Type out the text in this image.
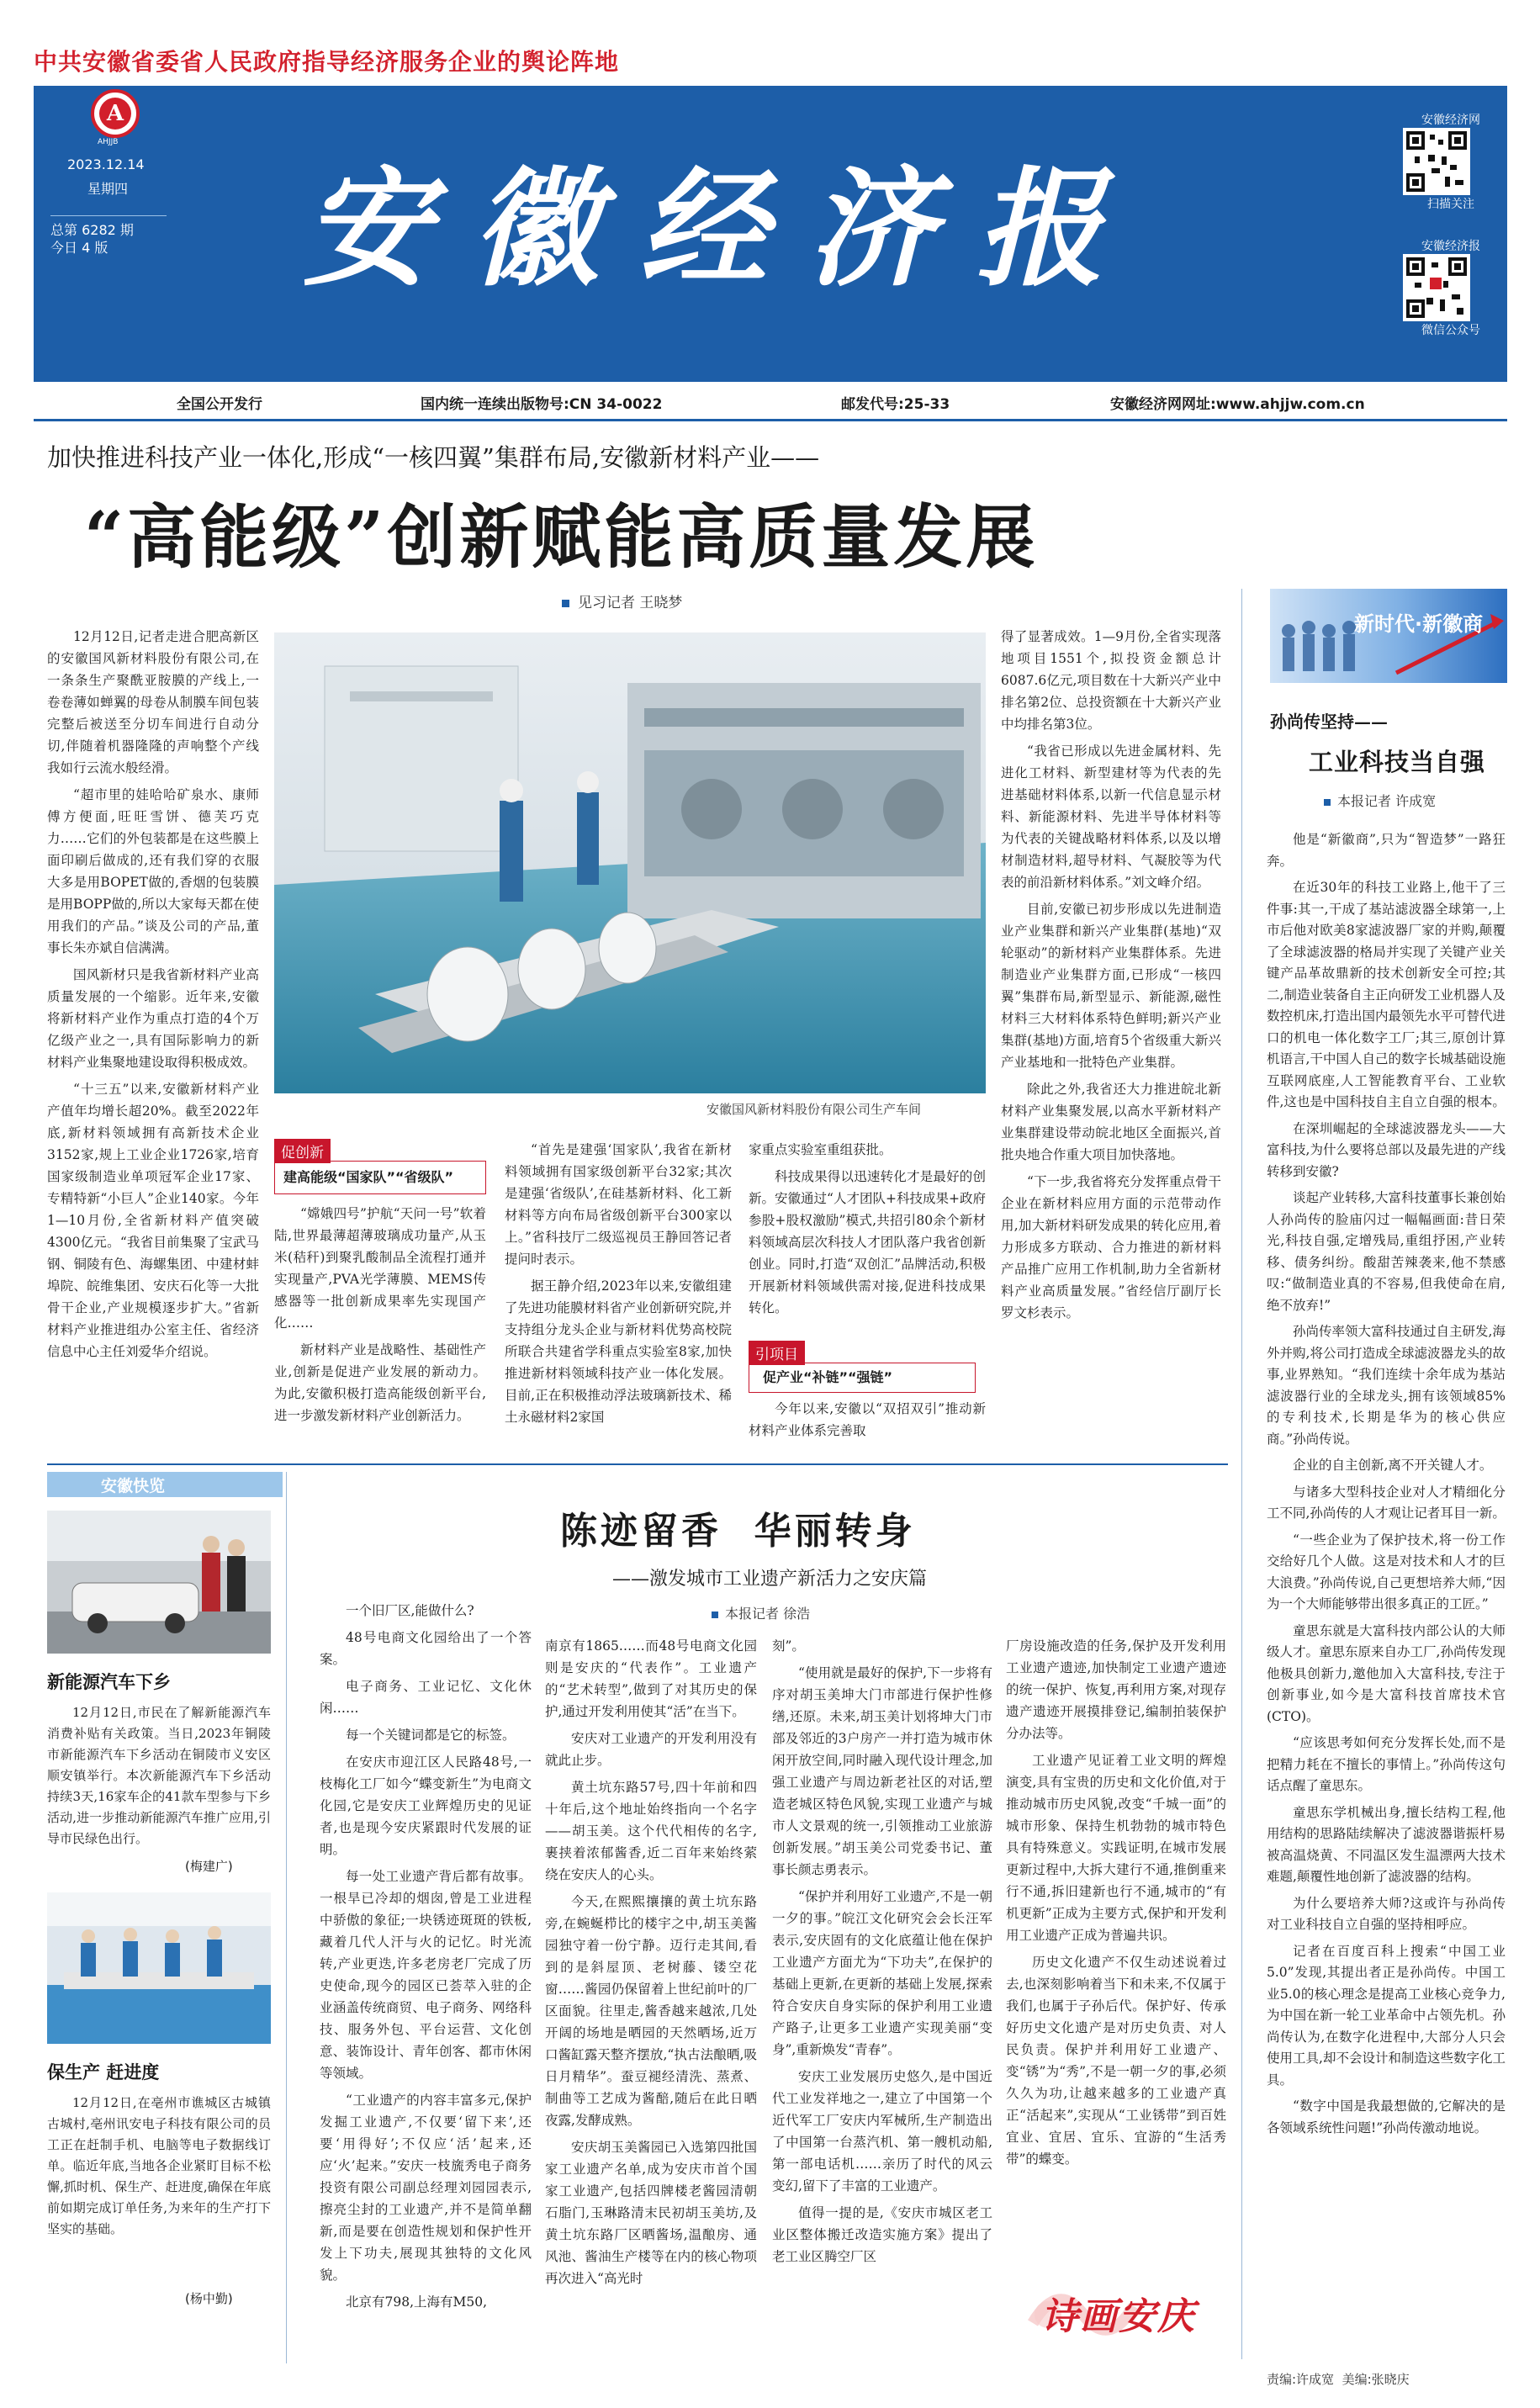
中共安徽省委省人民政府指导经济服务企业的舆论阵地
A
AHJJB
2023.12.14
星期四
总第 6282 期
今日 4 版 安徽经济报
安徽经济网
扫描关注
安徽经济报
微信公众号
全国公开发行	国内统一连续出版物号:CN 34-0022	邮发代号:25-33	安徽经济网网址:www.ahjjw.com.cn
加快推进科技产业一体化,形成“一核四翼”集群布局,安徽新材料产业——
“高能级”创新赋能高质量发展
见习记者 王晓梦

12月12日,记者走进合肥高新区的安徽国风新材料股份有限公司,在一条条生产聚酰亚胺膜的产线上,一卷卷薄如蝉翼的母卷从制膜车间包装完整后被送至分切车间进行自动分切,伴随着机器隆隆的声响整个产线我如行云流水般经滑。

“超市里的娃哈哈矿泉水、康师傅方便面,旺旺雪饼、德芙巧克力……它们的外包装都是在这些膜上面印刷后做成的,还有我们穿的衣服大多是用BOPET做的,香烟的包装膜是用BOPP做的,所以大家每天都在使用我们的产品。”谈及公司的产品,董事长朱亦斌自信满满。

国风新材只是我省新材料产业高质量发展的一个缩影。近年来,安徽将新材料产业作为重点打造的4个万亿级产业之一,具有国际影响力的新材料产业集聚地建设取得积极成效。

“十三五”以来,安徽新材料产业产值年均增长超20%。截至2022年底,新材料领域拥有高新技术企业3152家,规上工业企业1726家,培育国家级制造业单项冠军企业17家、专精特新“小巨人”企业140家。今年1—10月份,全省新材料产值突破4300亿元。“我省目前集聚了宝武马钢、铜陵有色、海螺集团、中建材蚌埠院、皖维集团、安庆石化等一大批骨干企业,产业规模逐步扩大。”省新材料产业推进组办公室主任、省经济信息中心主任刘爱华介绍说。

安徽国风新材料股份有限公司生产车间

得了显著成效。1—9月份,全省实现落地项目1551个,拟投资金额总计6087.6亿元,项目数在十大新兴产业中排名第2位、总投资额在十大新兴产业中均排名第3位。

“我省已形成以先进金属材料、先进化工材料、新型建材等为代表的先进基础材料体系,以新一代信息显示材料、新能源材料、先进半导体材料等为代表的关键战略材料体系,以及以增材制造材料,超导材料、气凝胶等为代表的前沿新材料体系。”刘文峰介绍。

目前,安徽已初步形成以先进制造业产业集群和新兴产业集群(基地)“双轮驱动”的新材料产业集群体系。先进制造业产业集群方面,已形成“一核四翼”集群布局,新型显示、新能源,磁性材料三大材料体系特色鲜明;新兴产业集群(基地)方面,培育5个省级重大新兴产业基地和一批特色产业集群。

除此之外,我省还大力推进皖北新材料产业集聚发展,以高水平新材料产业集群建设带动皖北地区全面振兴,首批央地合作重大项目加快落地。

“下一步,我省将充分发挥重点骨干企业在新材料应用方面的示范带动作用,加大新材料研发成果的转化应用,着力形成多方联动、合力推进的新材料产品推广应用工作机制,助力全省新材料产业高质量发展。”省经信厅副厅长罗文杉表示。

促创新
建高能级“国家队”“省级队”

“嫦娥四号”护航“天问一号”软着陆,世界最薄超薄玻璃成功量产,从玉米(秸秆)到聚乳酸制品全流程打通并实现量产,PVA光学薄膜、MEMS传感器等一批创新成果率先实现国产化……

新材料产业是战略性、基础性产业,创新是促进产业发展的新动力。为此,安徽积极打造高能级创新平台,进一步激发新材料产业创新活力。

“首先是建强‘国家队’,我省在新材料领域拥有国家级创新平台32家;其次是建强‘省级队’,在硅基新材料、化工新材料等方向布局省级创新平台300家以上。”省科技厅二级巡视员王静回答记者提问时表示。

据王静介绍,2023年以来,安徽组建了先进功能膜材料省产业创新研究院,并支持组分龙头企业与新材料优势高校院所联合共建省学科重点实验室8家,加快推进新材料领域科技产业一体化发展。目前,正在积极推动浮法玻璃新技术、稀土永磁材料2家国

家重点实验室重组获批。

科技成果得以迅速转化才是最好的创新。安徽通过“人才团队+科技成果+政府参股+股权激励”模式,共招引80余个新材料领域高层次科技人才团队落户我省创新创业。同时,打造“双创汇”品牌活动,积极开展新材料领域供需对接,促进科技成果转化。

引项目
促产业“补链”“强链”

今年以来,安徽以“双招双引”推动新材料产业体系完善取

新时代·新徽商
孙尚传坚持——
工业科技当自强
本报记者 许成宽

他是“新徽商”,只为“智造梦”一路狂奔。

在近30年的科技工业路上,他干了三件事:其一,干成了基站滤波器全球第一,上市后他对欧美8家滤波器厂家的并购,颠覆了全球滤波器的格局并实现了关键产业关键产品革故鼎新的技术创新安全可控;其二,制造业装备自主正向研发工业机器人及数控机床,打造出国内最领先水平可替代进口的机电一体化数字工厂;其三,原创计算机语言,干中国人自己的数字长城基础设施互联网底座,人工智能教育平台、工业软件,这也是中国科技自主自立自强的根本。

在深圳崛起的全球滤波器龙头——大富科技,为什么要将总部以及最先进的产线转移到安徽?

谈起产业转移,大富科技董事长兼创始人孙尚传的脸庙闪过一幅幅画面:昔日荣光,科技自强,定增残局,重组抒困,产业转移、债务纠纷。酸甜苦辣袭来,他不禁感叹:“做制造业真的不容易,但我使命在肩,绝不放弃!”

孙尚传率领大富科技通过自主研发,海外并购,将公司打造成全球滤波器龙头的故事,业界熟知。“我们连续十余年成为基站滤波器行业的全球龙头,拥有该领域85%的专利技术,长期是华为的核心供应商。”孙尚传说。

企业的自主创新,离不开关键人才。

与诸多大型科技企业对人才精细化分工不同,孙尚传的人才观让记者耳目一新。

“一些企业为了保护技术,将一份工作交给好几个人做。这是对技术和人才的巨大浪费。”孙尚传说,自己更想培养大师,“因为一个大师能够带出很多真正的工匠。”

童思东就是大富科技内部公认的大师级人才。童思东原来自办工厂,孙尚传发现他极具创新力,邀他加入大富科技,专注于创新事业,如今是大富科技首席技术官(CTO)。

“应该思考如何充分发挥长处,而不是把精力耗在不擅长的事情上。”孙尚传这句话点醒了童思东。

童思东学机械出身,擅长结构工程,他用结构的思路陆续解决了滤波器谐振杆易被高温烧黄、不同温区发生温漂两大技术难题,颠覆性地创新了滤波器的结构。

为什么要培养大师?这或许与孙尚传对工业科技自立自强的坚持相呼应。

记者在百度百科上搜索“中国工业5.0”发现,其提出者正是孙尚传。中国工业5.0的核心理念是提高工业核心竞争力,为中国在新一轮工业革命中占领先机。孙尚传认为,在数字化进程中,大部分人只会使用工具,却不会设计和制造这些数字化工具。

“数字中国是我最想做的,它解决的是各领域系统性问题!”孙尚传激动地说。

安徽快览
新能源汽车下乡

12月12日,市民在了解新能源汽车消费补贴有关政策。当日,2023年铜陵市新能源汽车下乡活动在铜陵市义安区顺安镇举行。本次新能源汽车下乡活动持续3天,16家车企的41款车型参与下乡活动,进一步推动新能源汽车推广应用,引导市民绿色出行。

(梅建广)
保生产 赶进度

12月12日,在亳州市谯城区古城镇古城村,亳州讯安电子科技有限公司的员工正在赶制手机、电脑等电子数据线订单。临近年底,当地各企业紧盯目标不松懈,抓时机、保生产、赶进度,确保在年底前如期完成订单任务,为来年的生产打下坚实的基础。

(杨中勤)
陈迹留香  华丽转身
——激发城市工业遗产新活力之安庆篇
本报记者 徐浩

一个旧厂区,能做什么?

48号电商文化园给出了一个答案。

电子商务、工业记忆、文化休闲……

每一个关键词都是它的标签。

在安庆市迎江区人民路48号,一枝梅化工厂如今“蝶变新生”为电商文化园,它是安庆工业辉煌历史的见证者,也是现今安庆紧跟时代发展的证明。

每一处工业遗产背后都有故事。一根旱已冷却的烟囱,曾是工业进程中骄傲的象征;一块锈迹斑斑的铁板,藏着几代人汗与火的记忆。时光流转,产业更迭,许多老房老厂完成了历史使命,现今的园区已荟萃入驻的企业涵盖传统商贸、电子商务、网络科技、服务外包、平台运营、文化创意、装饰设计、青年创客、都市休闲等领域。

“工业遗产的内容丰富多元,保护发掘工业遗产,不仅要‘留下来’,还要‘用得好’;不仅应‘活’起来,还应‘火’起来。”安庆一枝旒秀电子商务投资有限公司副总经理刘园园表示,擦亮尘封的工业遗产,并不是简单翻新,而是要在创造性规划和保护性开发上下功夫,展现其独特的文化风貌。

北京有798,上海有M50,

南京有1865……而48号电商文化园则是安庆的“代表作”。工业遗产的“艺术转型”,做到了对其历史的保护,通过开发利用使其“活”在当下。

安庆对工业遗产的开发利用没有就此止步。

黄土坑东路57号,四十年前和四十年后,这个地址始终指向一个名字——胡玉美。这个代代相传的名字,裹挟着浓郁酱香,近二百年来始终萦绕在安庆人的心头。

今天,在熙熙攘攘的黄土坑东路旁,在蜿蜒栉比的楼宇之中,胡玉美酱园独守着一份宁静。迈行走其间,看到的是斜屋顶、老树藤、镂空花窗……酱园仍保留着上世纪前叶的厂区面貌。往里走,酱香越来越浓,几处开阔的场地是晒园的天然晒场,近万口酱缸露天整齐摆放,“执古法酿晒,吸日月精华”。蚕豆褪经清洗、蒸煮、制曲等工艺成为酱醅,随后在此日晒夜露,发酵成熟。

安庆胡玉美酱园已入选第四批国家工业遗产名单,成为安庆市首个国家工业遗产,包括四牌楼老酱园清朝石脂门,玉琳路清末民初胡玉美坊,及黄土坑东路厂区晒酱场,温酿房、通风池、酱油生产楼等在内的核心物项再次进入“高光时

刻”。

“使用就是最好的保护,下一步将有序对胡玉美坤大门市部进行保护性修缮,还原。未来,胡玉美计划将坤大门市部及邻近的3户房产一并打造为城市休闲开放空间,同时融入现代设计理念,加强工业遗产与周边新老社区的对话,塑造老城区特色风貌,实现工业遗产与城市人文景观的统一,引领推动工业旅游创新发展。”胡玉美公司党委书记、董事长颜志勇表示。

“保护并利用好工业遗产,不是一朝一夕的事。”皖江文化研究会会长汪军表示,安庆固有的文化底蕴让他在保护工业遗产方面尤为“下功夫”,在保护的基础上更新,在更新的基础上发展,探索符合安庆自身实际的保护利用工业遗产路子,让更多工业遗产实现美丽“变身”,重新焕发“青春”。

安庆工业发展历史悠久,是中国近代工业发祥地之一,建立了中国第一个近代军工厂安庆内军械所,生产制造出了中国第一台蒸汽机、第一艘机动船,第一部电话机……亲历了时代的风云变幻,留下了丰富的工业遗产。

值得一提的是,《安庆市城区老工业区整体搬迁改造实施方案》提出了老工业区腾空厂区

厂房设施改造的任务,保护及开发利用工业遗产遗迹,加快制定工业遗产遗迹的统一保护、恢复,再利用方案,对现存遗产遗迹开展摸排登记,编制拍装保护分办法等。

工业遗产见证着工业文明的辉煌演变,具有宝贵的历史和文化价值,对于推动城市历史风貌,改变“千城一面”的城市形象、保持生机勃勃的城市特色具有特殊意义。实践证明,在城市发展更新过程中,大拆大建行不通,推倒重来行不通,拆旧建新也行不通,城市的“有机更新”正成为主要方式,保护和开发利用工业遗产正成为普遍共识。

历史文化遗产不仅生动述说着过去,也深刻影响着当下和未来,不仅属于我们,也属于子孙后代。保护好、传承好历史文化遗产是对历史负责、对人民负责。保护并利用好工业遗产、变“锈”为“秀”,不是一朝一夕的事,必须久久为功,让越来越多的工业遗产真正“活起来”,实现从“工业锈带”到百姓宜业、宜居、宜乐、宜游的“生活秀带”的蝶变。

诗画安庆
责编:许成宽  美编:张晓庆
